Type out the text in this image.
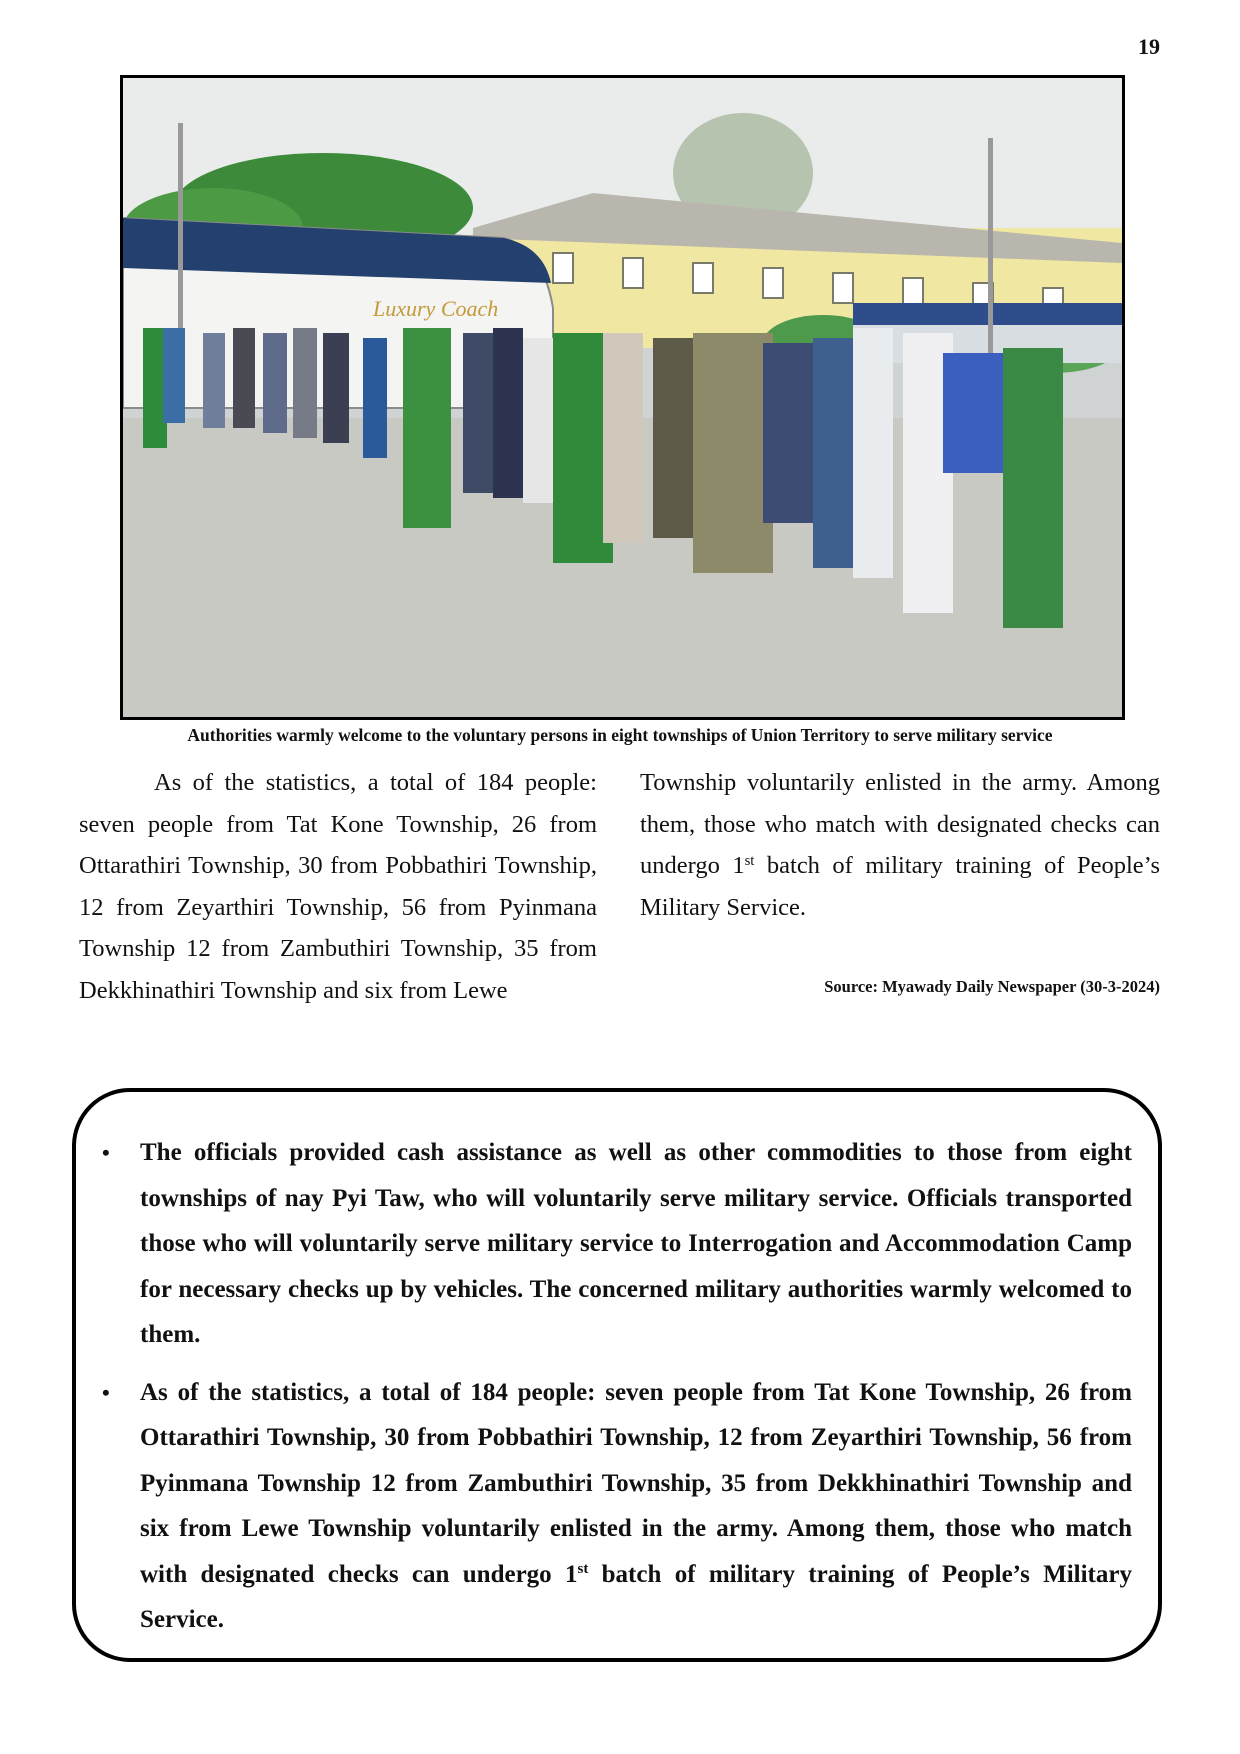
19
Luxury Coach
Authorities warmly welcome to the voluntary persons in eight townships of Union Territory to serve military service

As of the statistics, a total of 184 people: seven people from Tat Kone Township, 26 from Ottarathiri Township, 30 from Pobbathiri Township, 12 from Zeyarthiri Township, 56 from Pyinmana Township 12 from Zambuthiri Township, 35 from Dekkhinathiri Township and six from Lewe

Township voluntarily enlisted in the army. Among them, those who match with designated checks can undergo 1st batch of military training of People’s Military Service.

Source: Myawady Daily Newspaper (30-3-2024)
• The officials provided cash assistance as well as other commodities to those from eight townships of nay Pyi Taw, who will voluntarily serve military service. Officials transported those who will voluntarily serve military service to Interrogation and Accommodation Camp for necessary checks up by vehicles. The concerned military authorities warmly welcomed to them.
• As of the statistics, a total of 184 people: seven people from Tat Kone Township, 26 from Ottarathiri Township, 30 from Pobbathiri Township, 12 from Zeyarthiri Township, 56 from Pyinmana Township 12 from Zambuthiri Township, 35 from Dekkhinathiri Township and six from Lewe Township voluntarily enlisted in the army. Among them, those who match with designated checks can undergo 1st batch of military training of People’s Military Service.
